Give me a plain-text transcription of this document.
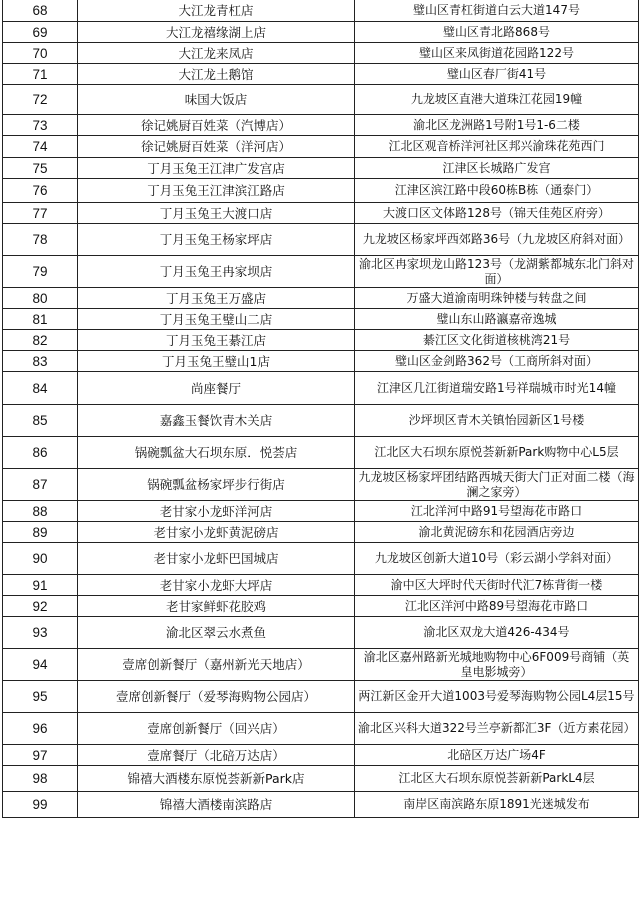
68	大江龙青杠店	璧山区青杠街道白云大道147号
69	大江龙禧缘湖上店	璧山区青北路868号
70	大江龙来凤店	璧山区来凤街道花园路122号
71	大江龙土鹅馆	璧山区春厂街41号
72	味国大饭店	九龙坡区直港大道珠江花园19幢
73	徐记姚厨百姓菜（汽博店）	渝北区龙洲路1号附1号1-6二楼
74	徐记姚厨百姓菜（洋河店）	江北区观音桥洋河社区邦兴渝珠花苑西门
75	丁月玉兔王江津广发宫店	江津区长城路广发宫
76	丁月玉兔王江津滨江路店	江津区滨江路中段60栋B栋（通泰门）
77	丁月玉兔王大渡口店	大渡口区文体路128号（锦天佳苑区府旁）
78	丁月玉兔王杨家坪店	九龙坡区杨家坪西郊路36号（九龙坡区府斜对面）
79	丁月玉兔王冉家坝店	渝北区冉家坝龙山路123号（龙湖紫都城东北门斜对面）
80	丁月玉兔王万盛店	万盛大道渝南明珠钟楼与转盘之间
81	丁月玉兔王璧山二店	璧山东山路瀛嘉帝逸城
82	丁月玉兔王綦江店	綦江区文化街道核桃湾21号
83	丁月玉兔王璧山1店	璧山区金剑路362号（工商所斜对面）
84	尚座餐厅	江津区几江街道瑞安路1号祥瑞城市时光14幢
85	嘉鑫玉餐饮青木关店	沙坪坝区青木关镇怡园新区1号楼
86	锅碗瓢盆大石坝东原．悦荟店	江北区大石坝东原悦荟新新Park购物中心L5层
87	锅碗瓢盆杨家坪步行街店	九龙坡区杨家坪团结路西城天街大门正对面二楼（海澜之家旁）
88	老甘家小龙虾洋河店	江北洋河中路91号望海花市路口
89	老甘家小龙虾黄泥磅店	渝北黄泥磅东和花园酒店旁边
90	老甘家小龙虾巴国城店	九龙坡区创新大道10号（彩云湖小学斜对面）
91	老甘家小龙虾大坪店	渝中区大坪时代天街时代汇7栋背街一楼
92	老甘家鲜虾花胶鸡	江北区洋河中路89号望海花市路口
93	渝北区翠云水煮鱼	渝北区双龙大道426-434号
94	壹席创新餐厅（嘉州新光天地店）	渝北区嘉州路新光城地购物中心6F009号商铺（英皇电影城旁）
95	壹席创新餐厅（爱琴海购物公园店）	两江新区金开大道1003号爱琴海购物公园L4层15号
96	壹席创新餐厅（回兴店）	渝北区兴科大道322号兰亭新都汇3F（近方素花园）
97	壹席餐厅（北碚万达店）	北碚区万达广场4F
98	锦禧大酒楼东原悦荟新新Park店	江北区大石坝东原悦荟新新ParkL4层
99	锦禧大酒楼南滨路店	南岸区南滨路东原1891光迷城发布
